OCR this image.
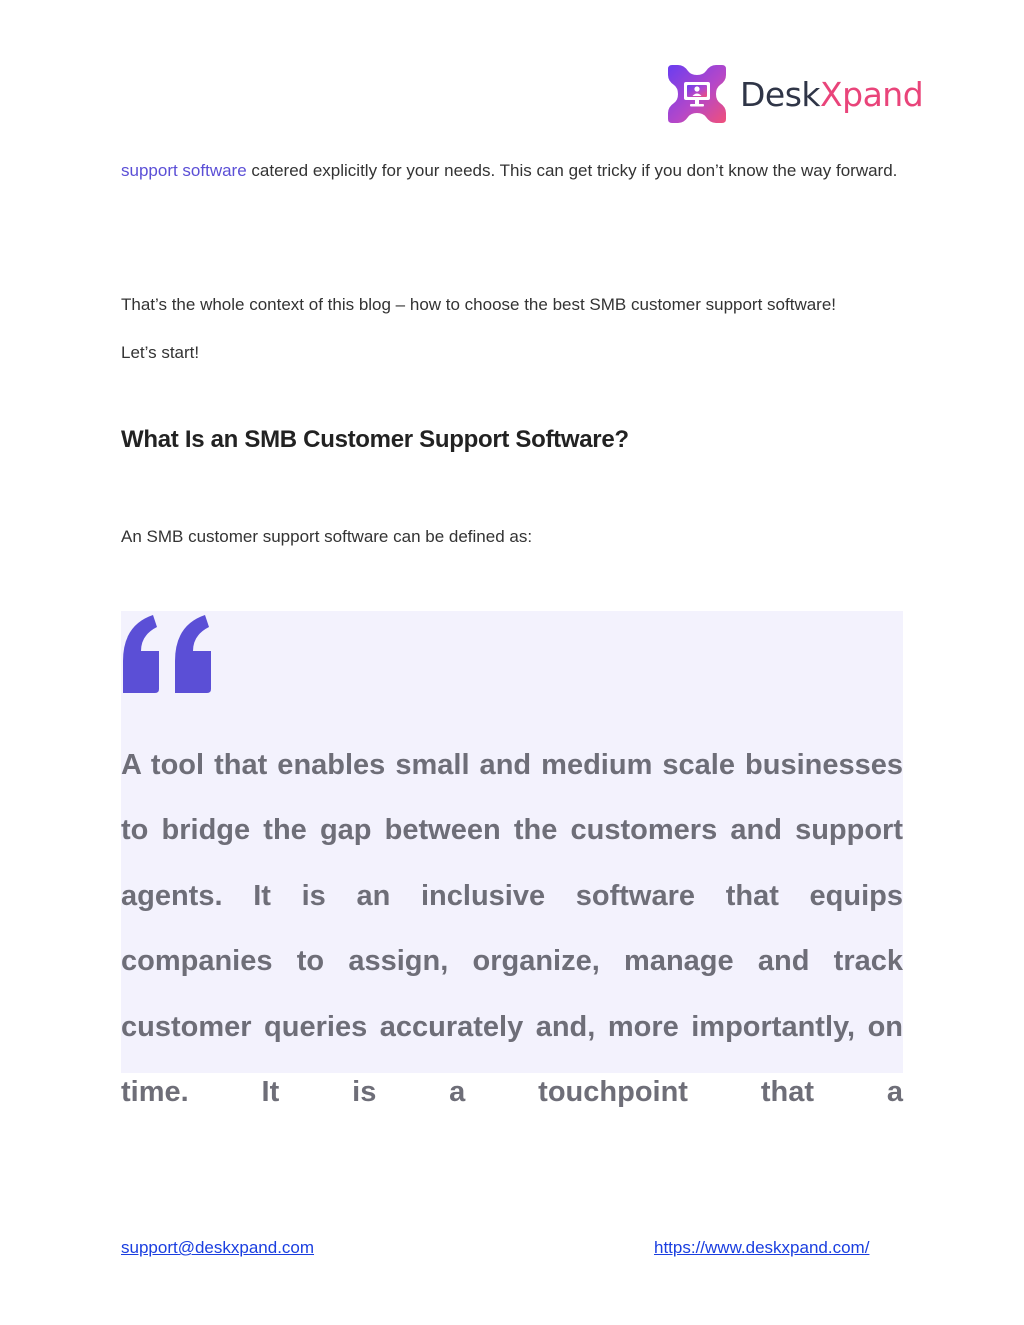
DeskXpand
support software catered explicitly for your needs. This can get tricky if you don’t know the way forward.
That’s the whole context of this blog – how to choose the best SMB customer support software!
Let’s start!
What Is an SMB Customer Support Software?
An SMB customer support software can be defined as:
A tool that enables small and medium scale businesses to bridge the gap between the customers and support agents. It is an inclusive software that equips companies to assign, organize, manage and track customer queries accurately and, more importantly, on time. It is a touchpoint that a
support@deskxpand.com	https://www.deskxpand.com/
